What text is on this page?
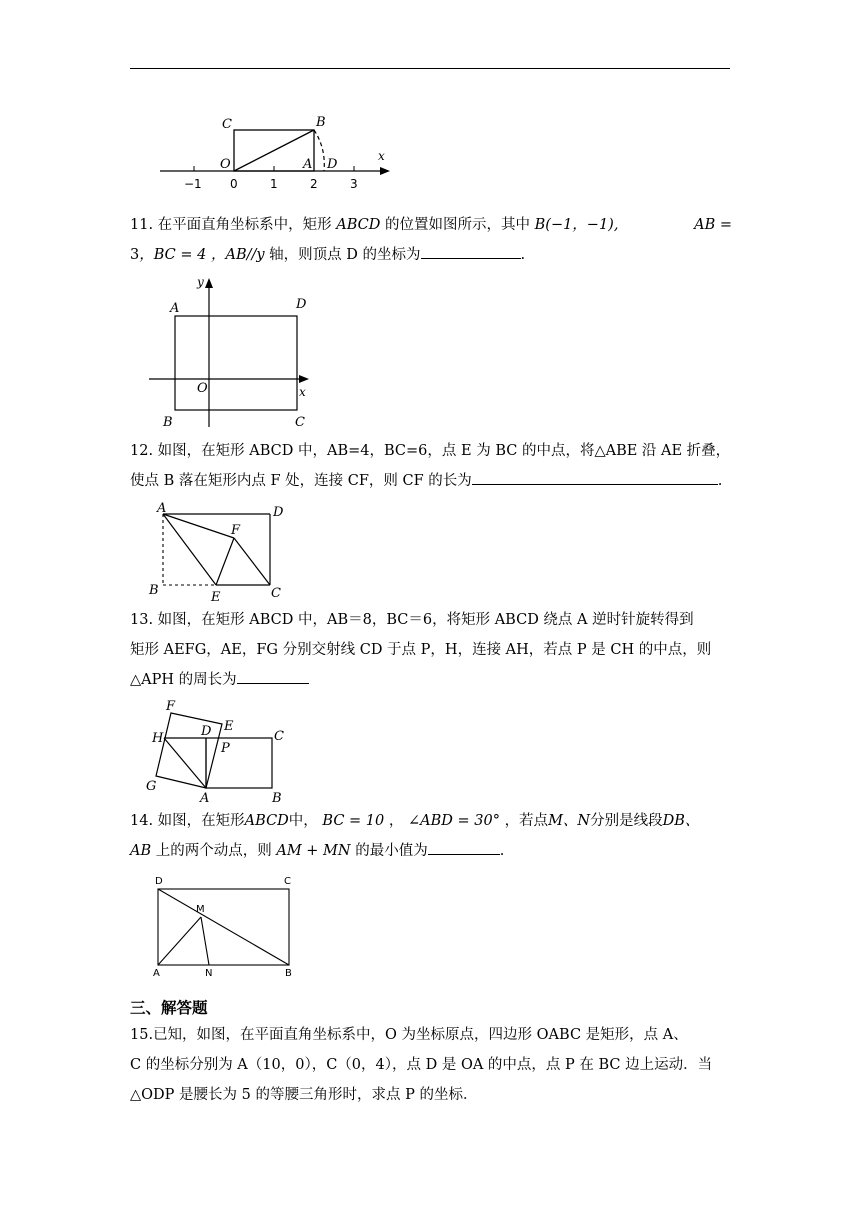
C	B
O	A D
x
−1 0	1	2	3
11. 在平面直角坐标系中，矩形 ABCD 的位置如图所示，其中 B(−1，−1),	AB =
3，BC = 4 ，AB//y 轴，则顶点 D 的坐标为	.
y
A	D
O	x
B	C
12. 如图，在矩形 ABCD 中，AB=4，BC=6，点 E 为 BC 的中点，将△ABE 沿 AE 折叠，
使点 B 落在矩形内点 F 处，连接 CF，则 CF 的长为	.
A	D
F
B	E	C
13. 如图，在矩形 ABCD 中，AB＝8，BC＝6，将矩形 ABCD 绕点 A 逆时针旋转得到
矩形 AEFG，AE，FG 分别交射线 CD 于点 P，H，连接 AH，若点 P 是 CH 的中点，则
△APH 的周长为
F
E
H	D
P
C
G
A	B
14. 如图，在矩形ABCD中， BC = 10 ， ∠ABD = 30° ，若点M、N分别是线段DB、
AB 上的两个动点，则 AM + MN 的最小值为	.
D	C
M
A	N	B
三、解答题
15.已知，如图，在平面直角坐标系中，O 为坐标原点，四边形 OABC 是矩形，点 A、
C 的坐标分别为 A（10，0），C（0，4），点 D 是 OA 的中点，点 P 在 BC 边上运动．当
△ODP 是腰长为 5 的等腰三角形时，求点 P 的坐标．
